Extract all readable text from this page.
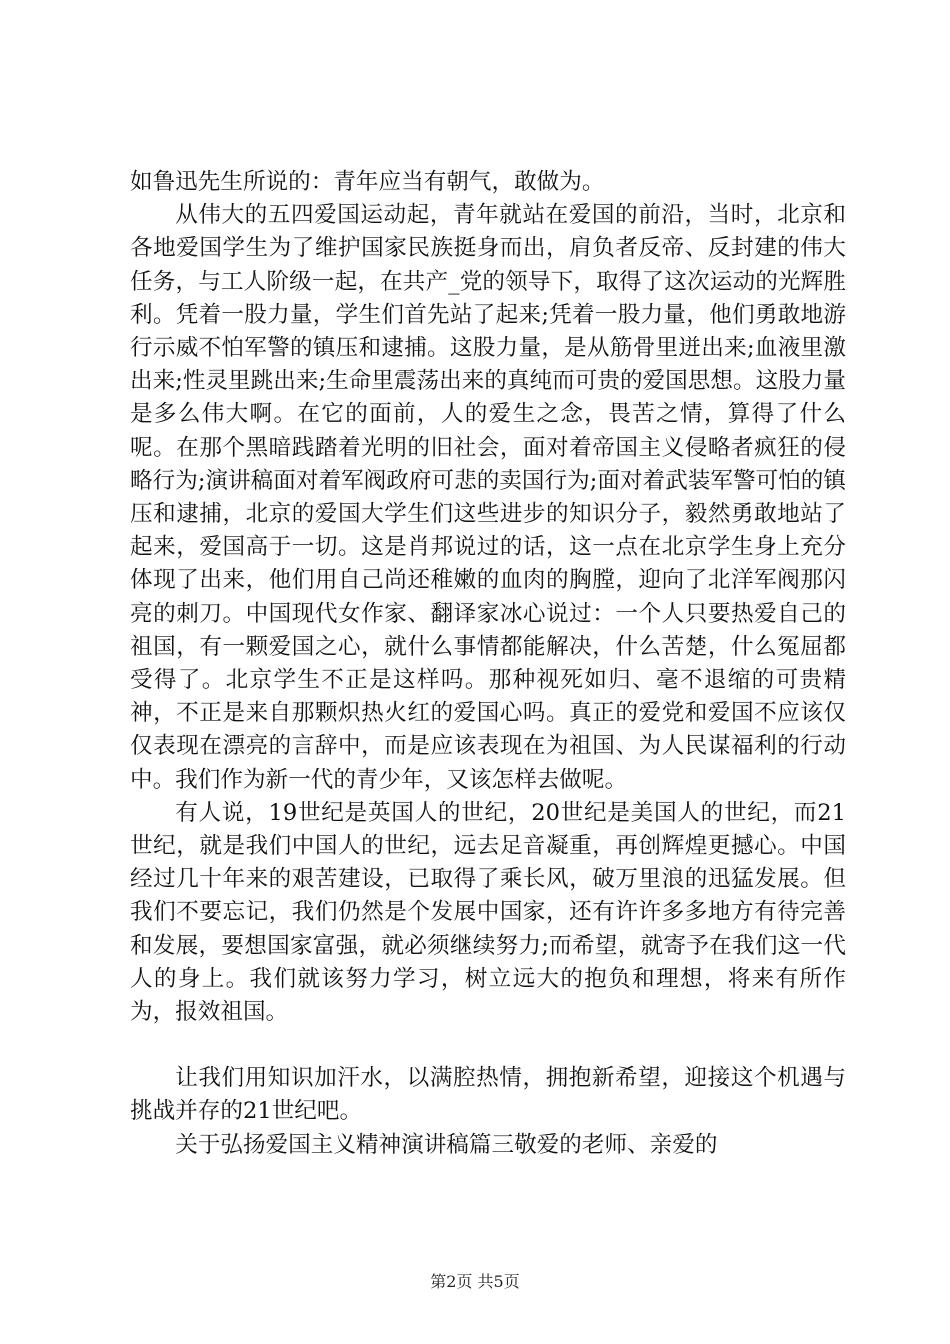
如鲁迅先生所说的：青年应当有朝气，敢做为。

从伟大的五四爱国运动起，青年就站在爱国的前沿，当时，北京和各地爱国学生为了维护国家民族挺身而出，肩负者反帝、反封建的伟大任务，与工人阶级一起，在共产_党的领导下，取得了这次运动的光辉胜利。凭着一股力量，学生们首先站了起来;凭着一股力量，他们勇敢地游行示威不怕军警的镇压和逮捕。这股力量，是从筋骨里迸出来;血液里激出来;性灵里跳出来;生命里震荡出来的真纯而可贵的爱国思想。这股力量是多么伟大啊。在它的面前，人的爱生之念，畏苦之情，算得了什么呢。在那个黑暗践踏着光明的旧社会，面对着帝国主义侵略者疯狂的侵略行为;演讲稿面对着军阀政府可悲的卖国行为;面对着武装军警可怕的镇压和逮捕，北京的爱国大学生们这些进步的知识分子，毅然勇敢地站了起来，爱国高于一切。这是肖邦说过的话，这一点在北京学生身上充分体现了出来，他们用自己尚还稚嫩的血肉的胸膛，迎向了北洋军阀那闪亮的刺刀。中国现代女作家、翻译家冰心说过：一个人只要热爱自己的祖国，有一颗爱国之心，就什么事情都能解决，什么苦楚，什么冤屈都受得了。北京学生不正是这样吗。那种视死如归、毫不退缩的可贵精神，不正是来自那颗炽热火红的爱国心吗。真正的爱党和爱国不应该仅仅表现在漂亮的言辞中，而是应该表现在为祖国、为人民谋福利的行动中。我们作为新一代的青少年，又该怎样去做呢。

有人说，19世纪是英国人的世纪，20世纪是美国人的世纪，而21世纪，就是我们中国人的世纪，远去足音凝重，再创辉煌更撼心。中国经过几十年来的艰苦建设，已取得了乘长风，破万里浪的迅猛发展。但我们不要忘记，我们仍然是个发展中国家，还有许许多多地方有待完善和发展，要想国家富强，就必须继续努力;而希望，就寄予在我们这一代人的身上。我们就该努力学习，树立远大的抱负和理想，将来有所作为，报效祖国。

让我们用知识加汗水，以满腔热情，拥抱新希望，迎接这个机遇与挑战并存的21世纪吧。

关于弘扬爱国主义精神演讲稿篇三敬爱的老师、亲爱的

第2页 共5页
